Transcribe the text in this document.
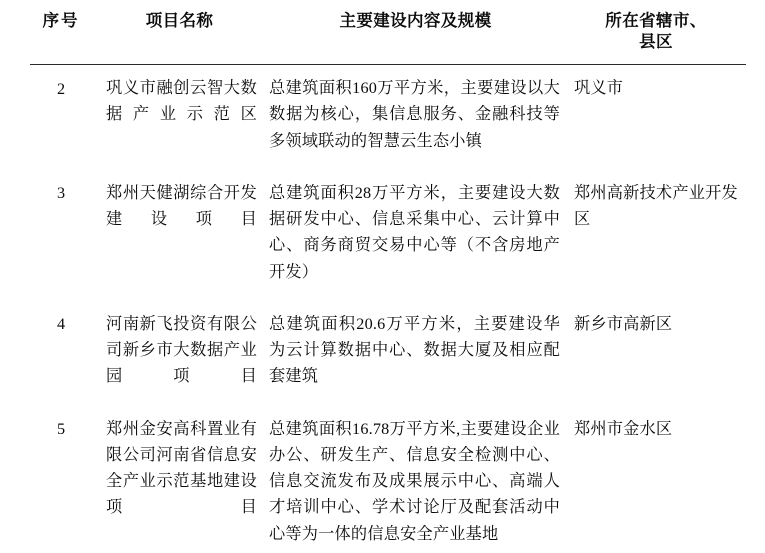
序号	项目名称	主要建设内容及规模	所在省辖市、
县区

2	巩义市融创云智大数据产业示范区	总建筑面积160万平方米，主要建设以大数据为核心，集信息服务、金融科技等多领域联动的智慧云生态小镇	巩义市
3	郑州天健湖综合开发建设项目	总建筑面积28万平方米，主要建设大数据研发中心、信息采集中心、云计算中心、商务商贸交易中心等（不含房地产开发）	郑州高新技术产业开发区
4	河南新飞投资有限公司新乡市大数据产业园项目	总建筑面积20.6万平方米，主要建设华为云计算数据中心、数据大厦及相应配套建筑	新乡市高新区
5	郑州金安高科置业有限公司河南省信息安全产业示范基地建设项目	总建筑面积16.78万平方米,主要建设企业办公、研发生产、信息安全检测中心、信息交流发布及成果展示中心、高端人才培训中心、学术讨论厅及配套活动中心等为一体的信息安全产业基地	郑州市金水区
